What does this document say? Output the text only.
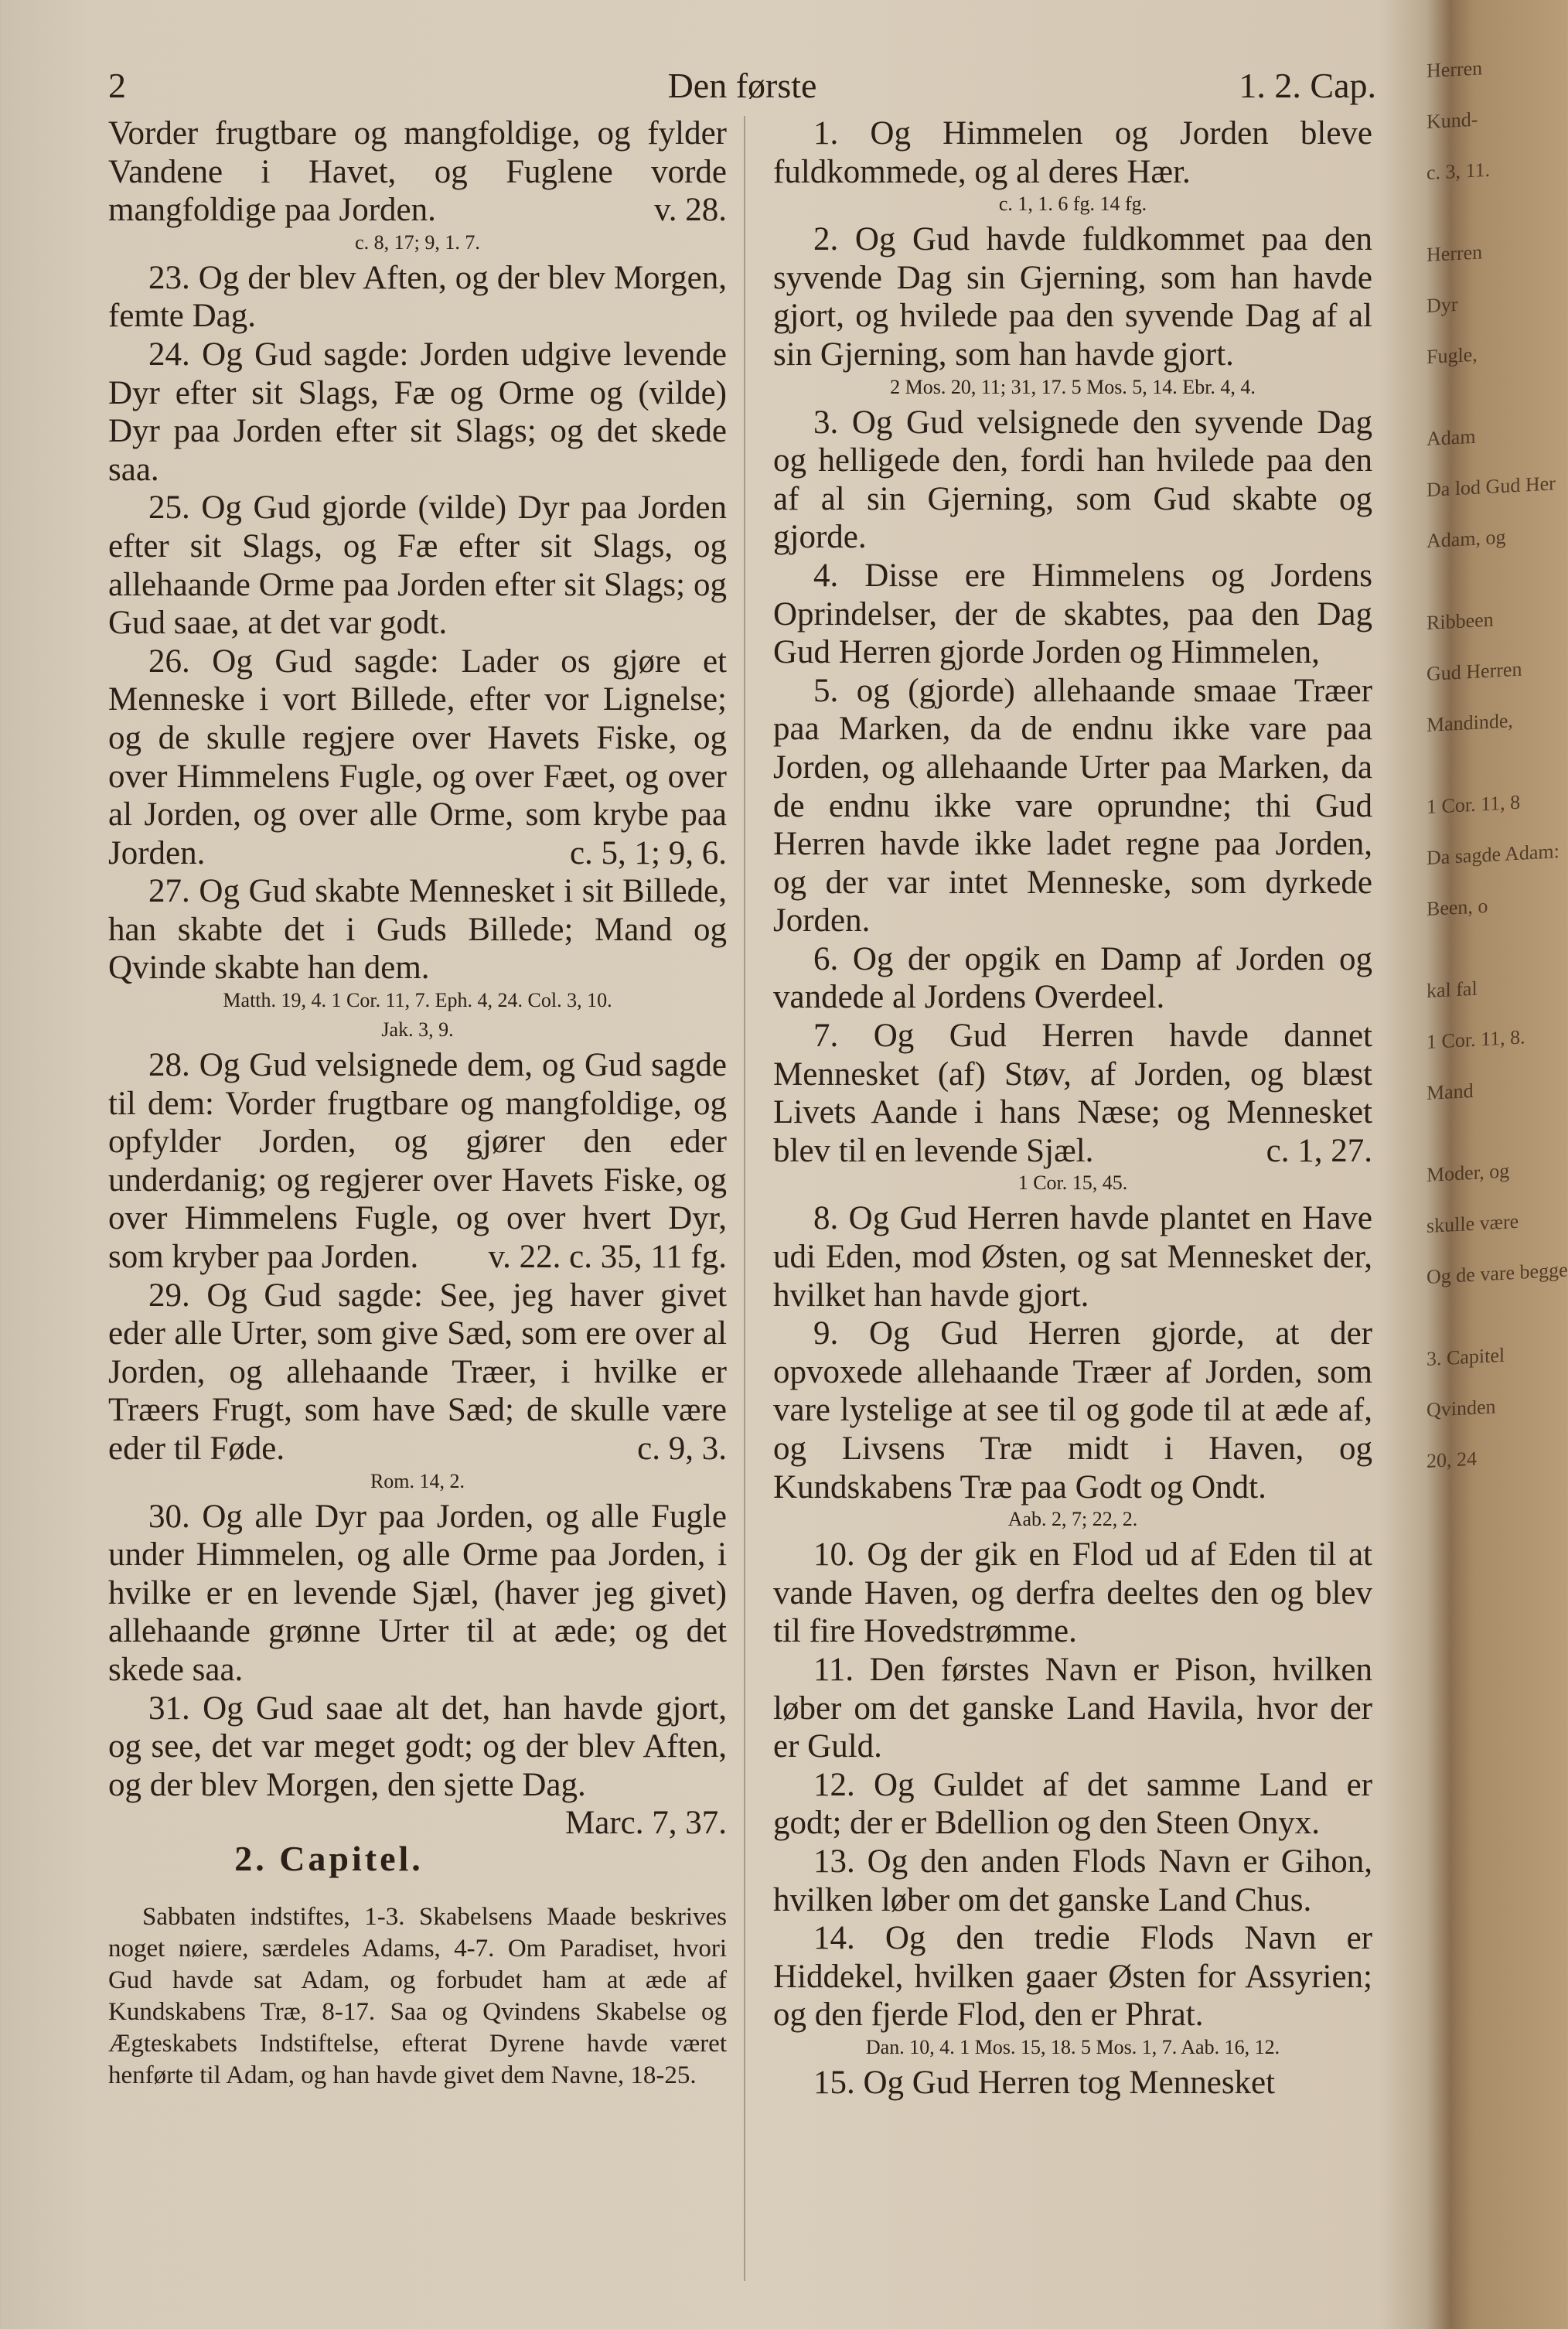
2	Den første	1. 2. Cap.

Vorder frugtbare og mangfoldige, og fylder Vandene i Havet, og Fuglene vorde mangfoldige paa Jorden.	v. 28.

c. 8, 17; 9, 1. 7.

23. Og der blev Aften, og der blev Morgen, femte Dag.

24. Og Gud sagde: Jorden udgive levende Dyr efter sit Slags, Fæ og Orme og (vilde) Dyr paa Jorden efter sit Slags; og det skede saa.

25. Og Gud gjorde (vilde) Dyr paa Jorden efter sit Slags, og Fæ efter sit Slags, og allehaande Orme paa Jorden efter sit Slags; og Gud saae, at det var godt.

26. Og Gud sagde: Lader os gjøre et Menneske i vort Billede, efter vor Lignelse; og de skulle regjere over Havets Fiske, og over Himmelens Fugle, og over Fæet, og over al Jorden, og over alle Orme, som krybe paa Jorden.	c. 5, 1; 9, 6.

27. Og Gud skabte Mennesket i sit Billede, han skabte det i Guds Billede; Mand og Qvinde skabte han dem.

Matth. 19, 4. 1 Cor. 11, 7. Eph. 4, 24. Col. 3, 10.

Jak. 3, 9.

28. Og Gud velsignede dem, og Gud sagde til dem: Vorder frugtbare og mangfoldige, og opfylder Jorden, og gjører den eder underdanig; og regjerer over Havets Fiske, og over Himmelens Fugle, og over hvert Dyr, som kryber paa Jorden. v. 22. c. 35, 11 fg.

29. Og Gud sagde: See, jeg haver givet eder alle Urter, som give Sæd, som ere over al Jorden, og allehaande Træer, i hvilke er Træers Frugt, som have Sæd; de skulle være eder til Føde.	c. 9, 3.

Rom. 14, 2.

30. Og alle Dyr paa Jorden, og alle Fugle under Himmelen, og alle Orme paa Jorden, i hvilke er en levende Sjæl, (haver jeg givet) allehaande grønne Urter til at æde; og det skede saa.

31. Og Gud saae alt det, han havde gjort, og see, det var meget godt; og der blev Aften, og der blev Morgen, den sjette Dag.
Marc. 7, 37.

2. Capitel.

Sabbaten indstiftes, 1-3. Skabelsens Maade beskrives noget nøiere, særdeles Adams, 4-7. Om Paradiset, hvori Gud havde sat Adam, og forbudet ham at æde af Kundskabens Træ, 8-17. Saa og Qvindens Skabelse og Ægteskabets Indstiftelse, efterat Dyrene havde været henførte til Adam, og han havde givet dem Navne, 18-25.

1. Og Himmelen og Jorden bleve fuldkommede, og al deres Hær.

c. 1, 1. 6 fg. 14 fg.

2. Og Gud havde fuldkommet paa den syvende Dag sin Gjerning, som han havde gjort, og hvilede paa den syvende Dag af al sin Gjerning, som han havde gjort.

2 Mos. 20, 11; 31, 17. 5 Mos. 5, 14. Ebr. 4, 4.

3. Og Gud velsignede den syvende Dag og helligede den, fordi han hvilede paa den af al sin Gjerning, som Gud skabte og gjorde.

4. Disse ere Himmelens og Jordens Oprindelser, der de skabtes, paa den Dag Gud Herren gjorde Jorden og Himmelen,

5. og (gjorde) allehaande smaae Træer paa Marken, da de endnu ikke vare paa Jorden, og allehaande Urter paa Marken, da de endnu ikke vare oprundne; thi Gud Herren havde ikke ladet regne paa Jorden, og der var intet Menneske, som dyrkede Jorden.

6. Og der opgik en Damp af Jorden og vandede al Jordens Overdeel.

7. Og Gud Herren havde dannet Mennesket (af) Støv, af Jorden, og blæst Livets Aande i hans Næse; og Mennesket blev til en levende Sjæl.	c. 1, 27.

1 Cor. 15, 45.

8. Og Gud Herren havde plantet en Have udi Eden, mod Østen, og sat Mennesket der, hvilket han havde gjort.

9. Og Gud Herren gjorde, at der opvoxede allehaande Træer af Jorden, som vare lystelige at see til og gode til at æde af, og Livsens Træ midt i Haven, og Kundskabens Træ paa Godt og Ondt.

Aab. 2, 7; 22, 2.

10. Og der gik en Flod ud af Eden til at vande Haven, og derfra deeltes den og blev til fire Hovedstrømme.

11. Den førstes Navn er Pison, hvilken løber om det ganske Land Havila, hvor der er Guld.

12. Og Guldet af det samme Land er godt; der er Bdellion og den Steen Onyx.

13. Og den anden Flods Navn er Gihon, hvilken løber om det ganske Land Chus.

14. Og den tredie Flods Navn er Hiddekel, hvilken gaaer Østen for Assyrien; og den fjerde Flod, den er Phrat.

Dan. 10, 4. 1 Mos. 15, 18. 5 Mos. 1, 7. Aab. 16, 12.

15. Og Gud Herren tog Mennesket

Herren
Kund-
c. 3, 11.
Herren
Dyr
Fugle,
Adam
Da lod Gud Her
Adam, og
Ribbeen
Gud Herren
Mandinde,
1 Cor. 11, 8
Da sagde Adam:
Been, o
kal fal
1 Cor. 11, 8.
Mand
Moder, og
skulle være
Og de vare begge
3. Capitel
Qvinden
20, 24
